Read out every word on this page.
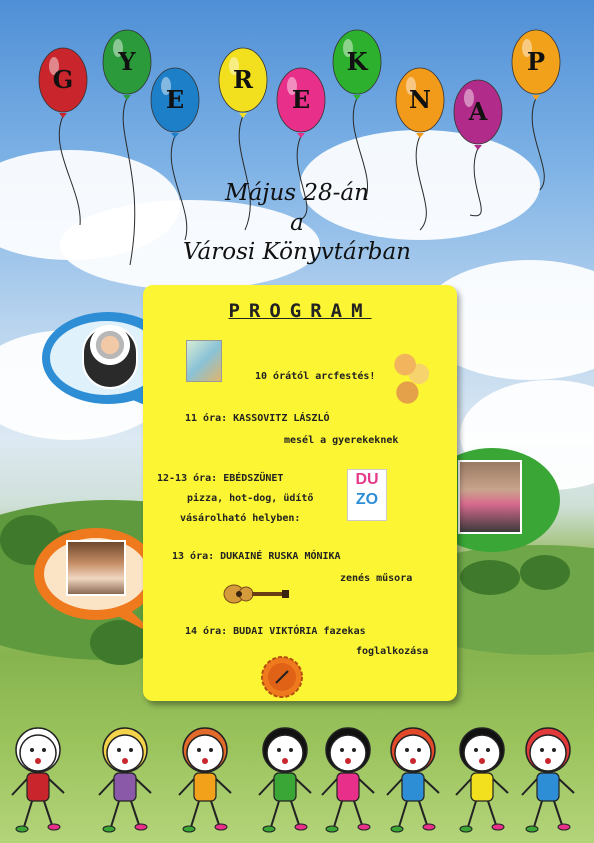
G
Y
E
R
E
K
N A
P
Május 28-án
a
Városi Könyvtárban
PROGRAM
10 órától arcfestés!
11 óra: KASSOVITZ LÁSZLÓ
mesél a gyerekeknek
12-13 óra: EBÉDSZÜNET
pizza, hot-dog, üdítő
vásárolható helyben:
DU
ZO
13 óra: DUKAINÉ RUSKA MÓNIKA
zenés műsora
14 óra: BUDAI VIKTÓRIA fazekas
foglalkozása
